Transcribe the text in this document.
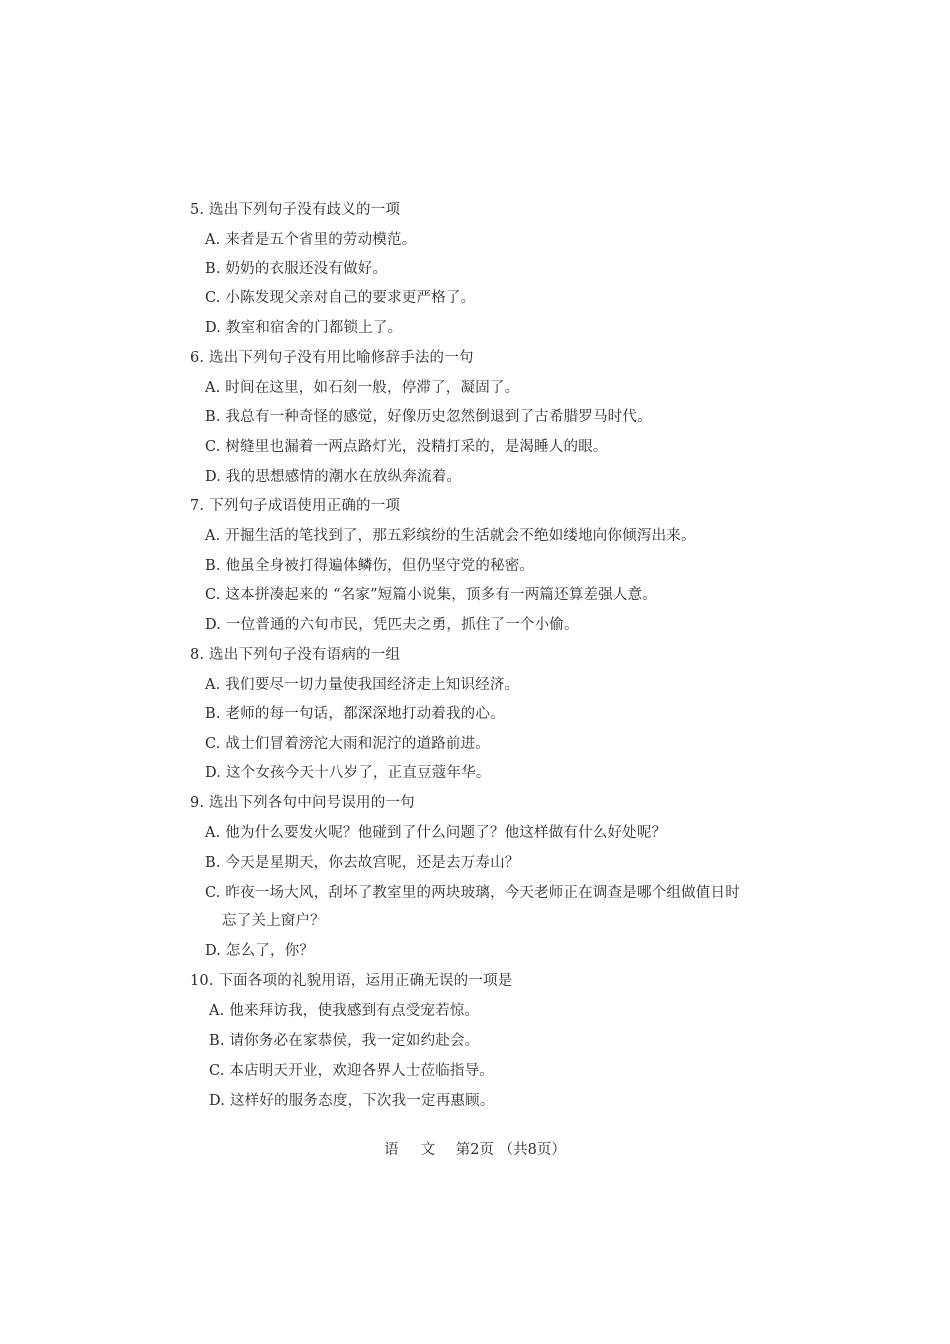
5. 选出下列句子没有歧义的一项
A. 来者是五个省里的劳动模范。
B. 奶奶的衣服还没有做好。
C. 小陈发现父亲对自己的要求更严格了。
D. 教室和宿舍的门都锁上了。
6. 选出下列句子没有用比喻修辞手法的一句
A. 时间在这里，如石刻一般，停滞了，凝固了。
B. 我总有一种奇怪的感觉，好像历史忽然倒退到了古希腊罗马时代。
C. 树缝里也漏着一两点路灯光，没精打采的，是渴睡人的眼。
D. 我的思想感情的潮水在放纵奔流着。
7. 下列句子成语使用正确的一项
A. 开掘生活的笔找到了，那五彩缤纷的生活就会不绝如缕地向你倾泻出来。
B. 他虽全身被打得遍体鳞伤，但仍坚守党的秘密。
C. 这本拼凑起来的 “名家”短篇小说集，顶多有一两篇还算差强人意。
D. 一位普通的六旬市民，凭匹夫之勇，抓住了一个小偷。
8. 选出下列句子没有语病的一组
A. 我们要尽一切力量使我国经济走上知识经济。
B. 老师的每一句话，都深深地打动着我的心。
C. 战士们冒着滂沱大雨和泥泞的道路前进。
D. 这个女孩今天十八岁了，正直豆蔻年华。
9. 选出下列各句中问号误用的一句
A. 他为什么要发火呢？他碰到了什么问题了？他这样做有什么好处呢？
B. 今天是星期天，你去故宫呢，还是去万寿山？
C. 昨夜一场大风，刮坏了教室里的两块玻璃，今天老师正在调查是哪个组做值日时
忘了关上窗户？
D. 怎么了，你？
10. 下面各项的礼貌用语，运用正确无误的一项是
A. 他来拜访我，使我感到有点受宠若惊。
B. 请你务必在家恭侯，我一定如约赴会。
C. 本店明天开业，欢迎各界人士莅临指导。
D. 这样好的服务态度，下次我一定再惠顾。
语文 第2页 （共8页）
